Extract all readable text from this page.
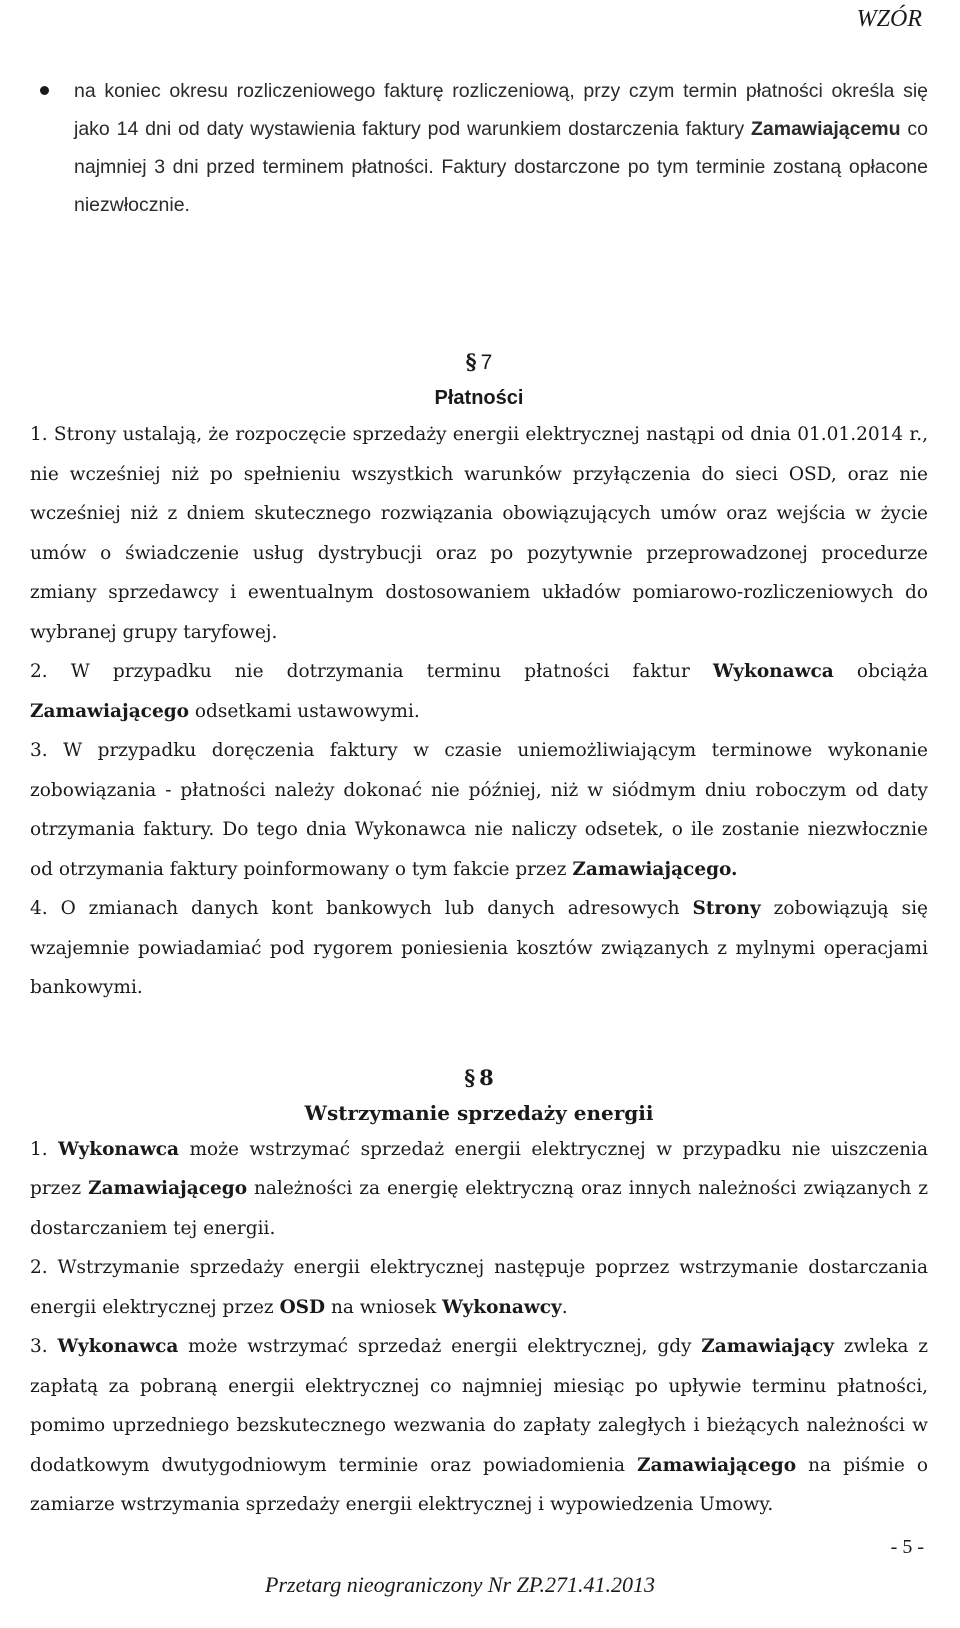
WZÓR

na koniec okresu rozliczeniowego fakturę rozliczeniową, przy czym termin płatności określa się jako 14 dni od daty wystawienia faktury pod warunkiem dostarczenia faktury Zamawiającemu co najmniej 3 dni przed terminem płatności. Faktury dostarczone po tym terminie zostaną opłacone niezwłocznie.

§ 7
Płatności

1. Strony ustalają, że rozpoczęcie sprzedaży energii elektrycznej nastąpi od dnia 01.01.2014 r., nie wcześniej niż po spełnieniu wszystkich warunków przyłączenia do sieci OSD, oraz nie wcześniej niż z dniem skutecznego rozwiązania obowiązujących umów oraz wejścia w życie umów o świadczenie usług dystrybucji oraz po pozytywnie przeprowadzonej procedurze zmiany sprzedawcy i ewentualnym dostosowaniem układów pomiarowo-rozliczeniowych do wybranej grupy taryfowej.

2. W przypadku nie dotrzymania terminu płatności faktur Wykonawca obciąża Zamawiającego odsetkami ustawowymi.

3. W przypadku doręczenia faktury w czasie uniemożliwiającym terminowe wykonanie zobowiązania - płatności należy dokonać nie później, niż w siódmym dniu roboczym od daty otrzymania faktury. Do tego dnia Wykonawca nie naliczy odsetek, o ile zostanie niezwłocznie od otrzymania faktury poinformowany o tym fakcie przez Zamawiającego.

4. O zmianach danych kont bankowych lub danych adresowych Strony zobowiązują się wzajemnie powiadamiać pod rygorem poniesienia kosztów związanych z mylnymi operacjami bankowymi.

§ 8
Wstrzymanie sprzedaży energii

1. Wykonawca może wstrzymać sprzedaż energii elektrycznej w przypadku nie uiszczenia przez Zamawiającego należności za energię elektryczną oraz innych należności związanych z dostarczaniem tej energii.

2. Wstrzymanie sprzedaży energii elektrycznej następuje poprzez wstrzymanie dostarczania energii elektrycznej przez OSD na wniosek Wykonawcy.

3. Wykonawca może wstrzymać sprzedaż energii elektrycznej, gdy Zamawiający zwleka z zapłatą za pobraną energii elektrycznej co najmniej miesiąc po upływie terminu płatności, pomimo uprzedniego bezskutecznego wezwania do zapłaty zaległych i bieżących należności w dodatkowym dwutygodniowym terminie oraz powiadomienia Zamawiającego na piśmie o zamiarze wstrzymania sprzedaży energii elektrycznej i wypowiedzenia Umowy.

- 5 -
Przetarg nieograniczony Nr ZP.271.41.2013
